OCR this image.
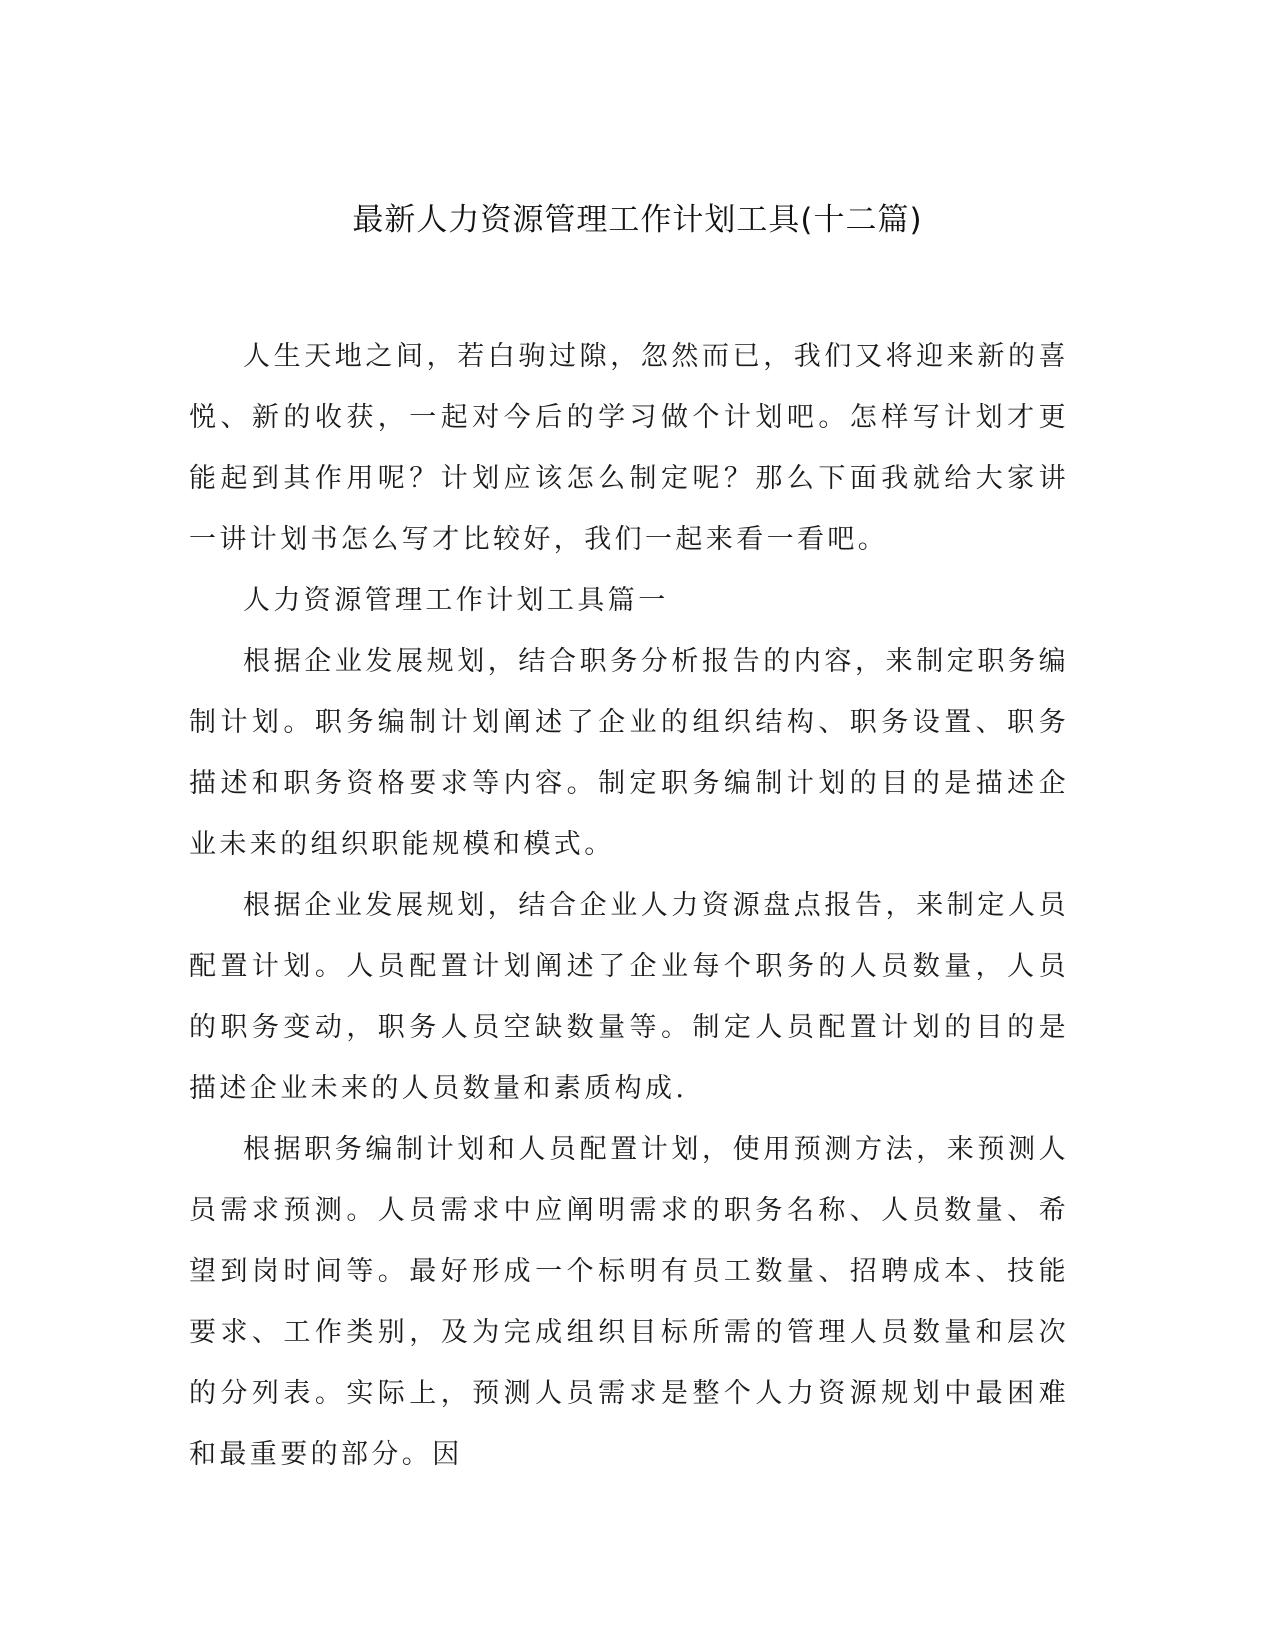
最新人力资源管理工作计划工具(十二篇)

人生天地之间，若白驹过隙，忽然而已，我们又将迎来新的喜悦、新的收获，一起对今后的学习做个计划吧。怎样写计划才更能起到其作用呢？计划应该怎么制定呢？那么下面我就给大家讲一讲计划书怎么写才比较好，我们一起来看一看吧。

人力资源管理工作计划工具篇一

根据企业发展规划，结合职务分析报告的内容，来制定职务编制计划。职务编制计划阐述了企业的组织结构、职务设置、职务描述和职务资格要求等内容。制定职务编制计划的目的是描述企业未来的组织职能规模和模式。

根据企业发展规划，结合企业人力资源盘点报告，来制定人员配置计划。人员配置计划阐述了企业每个职务的人员数量，人员的职务变动，职务人员空缺数量等。制定人员配置计划的目的是描述企业未来的人员数量和素质构成.

根据职务编制计划和人员配置计划，使用预测方法，来预测人员需求预测。人员需求中应阐明需求的职务名称、人员数量、希望到岗时间等。最好形成一个标明有员工数量、招聘成本、技能要求、工作类别，及为完成组织目标所需的管理人员数量和层次的分列表。实际上，预测人员需求是整个人力资源规划中最困难和最重要的部分。因
